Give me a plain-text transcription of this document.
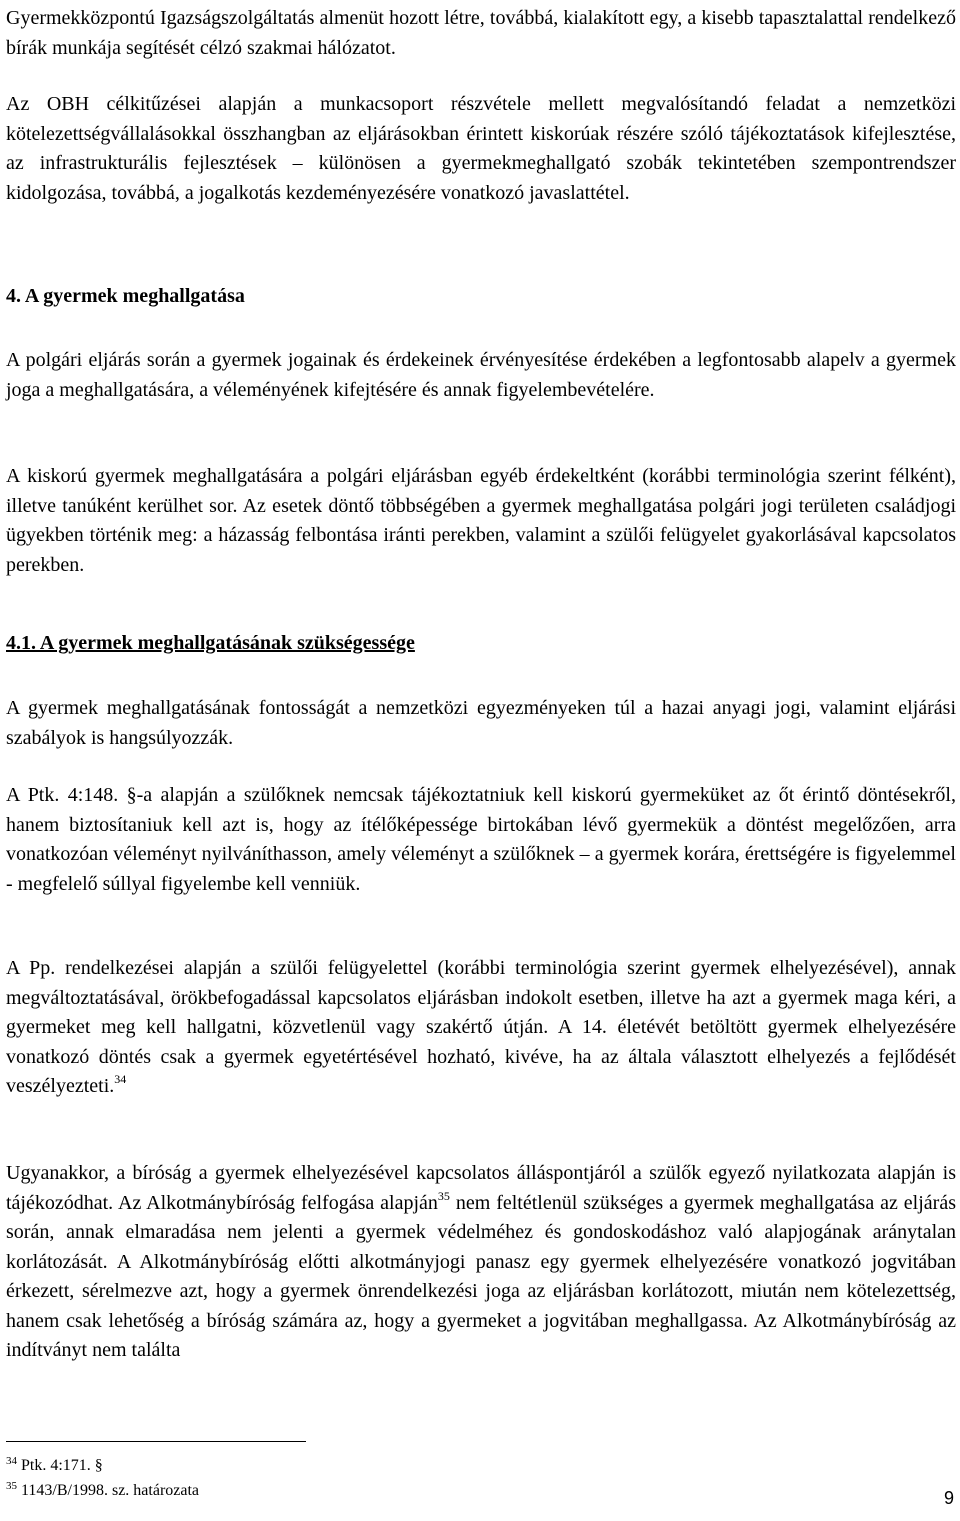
Gyermekközpontú Igazságszolgáltatás almenüt hozott létre, továbbá, kialakított egy, a kisebb tapasztalattal rendelkező bírák munkája segítését célzó szakmai hálózatot.

Az OBH célkitűzései alapján a munkacsoport részvétele mellett megvalósítandó feladat a nemzetközi kötelezettségvállalásokkal összhangban az eljárásokban érintett kiskorúak részére szóló tájékoztatások kifejlesztése, az infrastrukturális fejlesztések – különösen a gyermekmeghallgató szobák tekintetében szempontrendszer kidolgozása, továbbá, a jogalkotás kezdeményezésére vonatkozó javaslattétel.

4. A gyermek meghallgatása

A polgári eljárás során a gyermek jogainak és érdekeinek érvényesítése érdekében a legfontosabb alapelv a gyermek joga a meghallgatására, a véleményének kifejtésére és annak figyelembevételére.

A kiskorú gyermek meghallgatására a polgári eljárásban egyéb érdekeltként (korábbi terminológia szerint félként), illetve tanúként kerülhet sor. Az esetek döntő többségében a gyermek meghallgatása polgári jogi területen családjogi ügyekben történik meg: a házasság felbontása iránti perekben, valamint a szülői felügyelet gyakorlásával kapcsolatos perekben.

4.1. A gyermek meghallgatásának szükségessége

A gyermek meghallgatásának fontosságát a nemzetközi egyezményeken túl a hazai anyagi jogi, valamint eljárási szabályok is hangsúlyozzák.

A Ptk. 4:148. §-a alapján a szülőknek nemcsak tájékoztatniuk kell kiskorú gyermeküket az őt érintő döntésekről, hanem biztosítaniuk kell azt is, hogy az ítélőképessége birtokában lévő gyermekük a döntést megelőzően, arra vonatkozóan véleményt nyilváníthasson, amely véleményt a szülőknek – a gyermek korára, érettségére is figyelemmel - megfelelő súllyal figyelembe kell venniük.

A Pp. rendelkezései alapján a szülői felügyelettel (korábbi terminológia szerint gyermek elhelyezésével), annak megváltoztatásával, örökbefogadással kapcsolatos eljárásban indokolt esetben, illetve ha azt a gyermek maga kéri, a gyermeket meg kell hallgatni, közvetlenül vagy szakértő útján. A 14. életévét betöltött gyermek elhelyezésére vonatkozó döntés csak a gyermek egyetértésével hozható, kivéve, ha az általa választott elhelyezés a fejlődését veszélyezteti.$^{34}$

Ugyanakkor, a bíróság a gyermek elhelyezésével kapcsolatos álláspontjáról a szülők egyező nyilatkozata alapján is tájékozódhat. Az Alkotmánybíróság felfogása alapján$^{35}$ nem feltétlenül szükséges a gyermek meghallgatása az eljárás során, annak elmaradása nem jelenti a gyermek védelméhez és gondoskodáshoz való alapjogának aránytalan korlátozását. A Alkotmánybíróság előtti alkotmányjogi panasz egy gyermek elhelyezésére vonatkozó jogvitában érkezett, sérelmezve azt, hogy a gyermek önrendelkezési joga az eljárásban korlátozott, miután nem kötelezettség, hanem csak lehetőség a bíróság számára az, hogy a gyermeket a jogvitában meghallgassa. Az Alkotmánybíróság az indítványt nem találta

$^{34}$ Ptk. 4:171. §

$^{35}$ 1143/B/1998. sz. határozata	9
